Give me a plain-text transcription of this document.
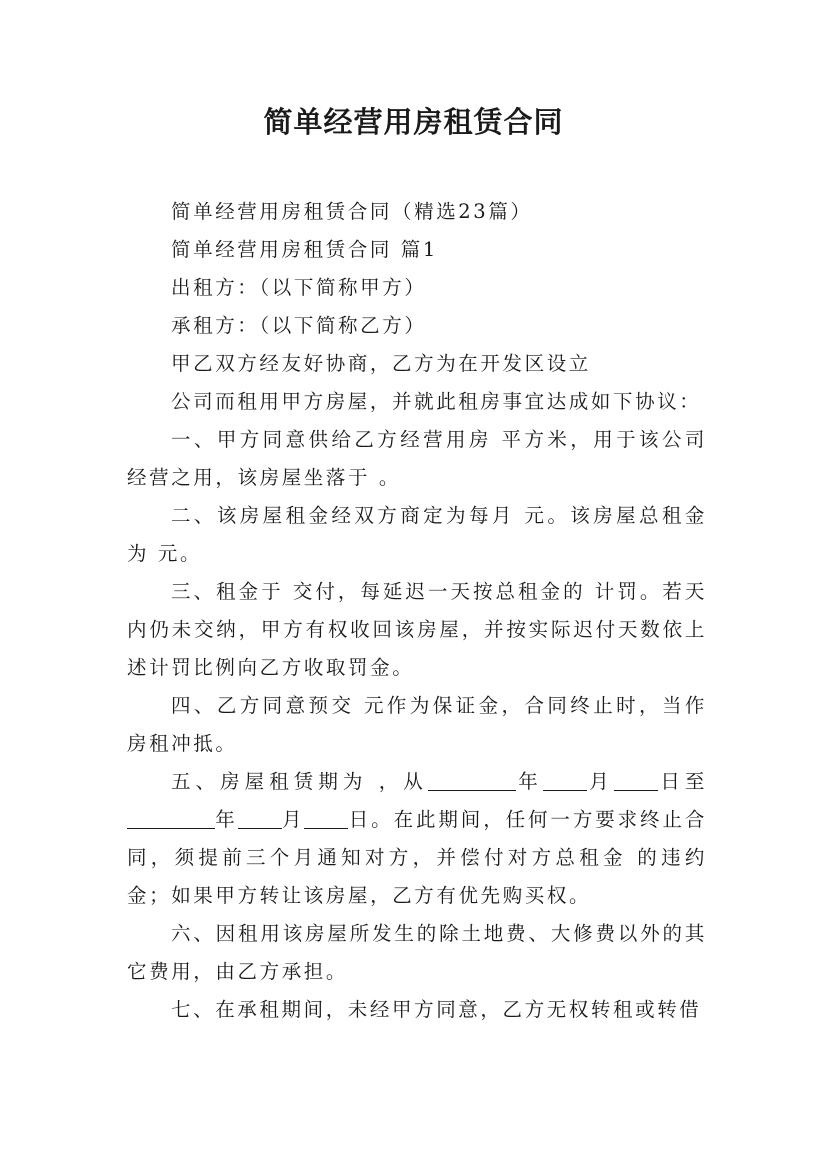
简单经营用房租赁合同

简单经营用房租赁合同（精选23篇）

简单经营用房租赁合同 篇1

出租方：（以下简称甲方）

承租方：（以下简称乙方）

甲乙双方经友好协商，乙方为在开发区设立

公司而租用甲方房屋，并就此租房事宜达成如下协议：

一、甲方同意供给乙方经营用房 平方米，用于该公司经营之用，该房屋坐落于 。

二、该房屋租金经双方商定为每月 元。该房屋总租金为 元。

三、租金于 交付，每延迟一天按总租金的 计罚。若天内仍未交纳，甲方有权收回该房屋，并按实际迟付天数依上述计罚比例向乙方收取罚金。

四、乙方同意预交 元作为保证金，合同终止时，当作房租冲抵。

五、房屋租赁期为 ，从	年 月 日至年 月 日。在此期间，任何一方要求终止合同，须提前三个月通知对方，并偿付对方总租金 的违约金；如果甲方转让该房屋，乙方有优先购买权。

六、因租用该房屋所发生的除土地费、大修费以外的其它费用，由乙方承担。

七、在承租期间，未经甲方同意，乙方无权转租或转借
